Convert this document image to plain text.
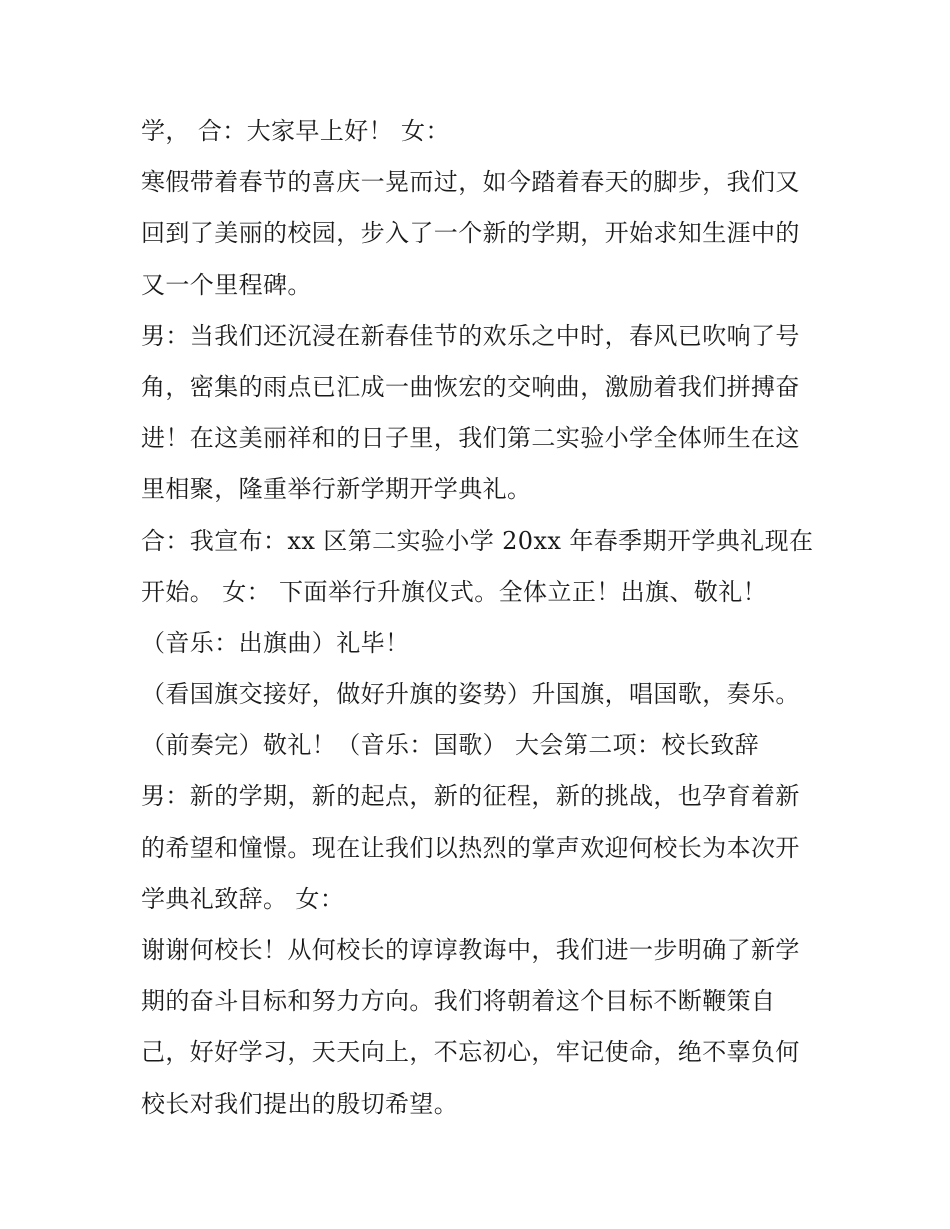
学， 合：大家早上好！ 女：
寒假带着春节的喜庆一晃而过，如今踏着春天的脚步，我们又
回到了美丽的校园，步入了一个新的学期，开始求知生涯中的
又一个里程碑。
男：当我们还沉浸在新春佳节的欢乐之中时，春风已吹响了号
角，密集的雨点已汇成一曲恢宏的交响曲，激励着我们拼搏奋
进！在这美丽祥和的日子里，我们第二实验小学全体师生在这
里相聚，隆重举行新学期开学典礼。
合：我宣布：xx 区第二实验小学 20xx 年春季期开学典礼现在
开始。 女： 下面举行升旗仪式。全体立正！出旗、敬礼！
（音乐：出旗曲）礼毕！
（看国旗交接好，做好升旗的姿势）升国旗，唱国歌，奏乐。
（前奏完）敬礼！（音乐：国歌） 大会第二项：校长致辞
男：新的学期，新的起点，新的征程，新的挑战，也孕育着新
的希望和憧憬。现在让我们以热烈的掌声欢迎何校长为本次开
学典礼致辞。 女：
谢谢何校长！从何校长的谆谆教诲中，我们进一步明确了新学
期的奋斗目标和努力方向。我们将朝着这个目标不断鞭策自
己，好好学习，天天向上，不忘初心，牢记使命，绝不辜负何
校长对我们提出的殷切希望。
